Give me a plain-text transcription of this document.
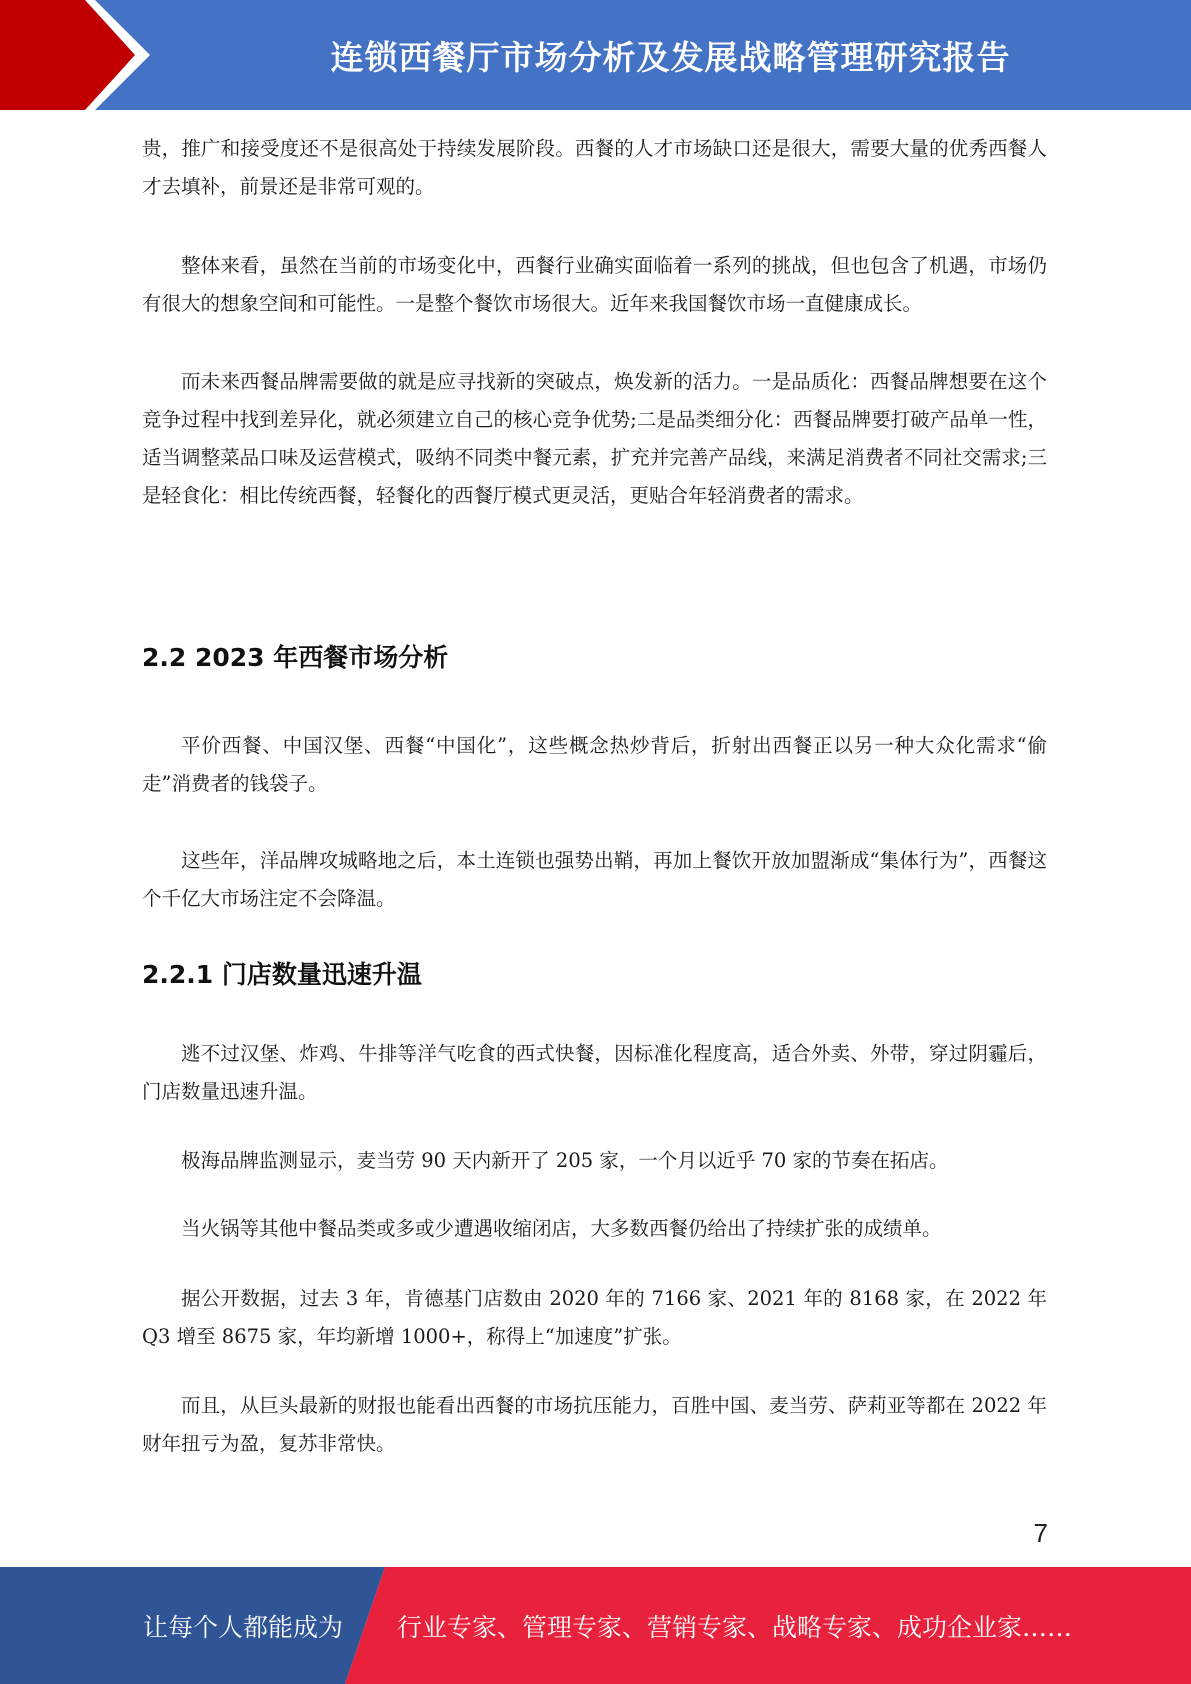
连锁西餐厅市场分析及发展战略管理研究报告

贵，推广和接受度还不是很高处于持续发展阶段。西餐的人才市场缺口还是很大，需要大量的优秀西餐人才去填补，前景还是非常可观的。

整体来看，虽然在当前的市场变化中，西餐行业确实面临着一系列的挑战，但也包含了机遇，市场仍有很大的想象空间和可能性。一是整个餐饮市场很大。近年来我国餐饮市场一直健康成长。

而未来西餐品牌需要做的就是应寻找新的突破点，焕发新的活力。一是品质化：西餐品牌想要在这个竞争过程中找到差异化，就必须建立自己的核心竞争优势;二是品类细分化：西餐品牌要打破产品单一性，适当调整菜品口味及运营模式，吸纳不同类中餐元素，扩充并完善产品线，来满足消费者不同社交需求;三是轻食化：相比传统西餐，轻餐化的西餐厅模式更灵活，更贴合年轻消费者的需求。

2.2 2023 年西餐市场分析

平价西餐、中国汉堡、西餐“中国化”，这些概念热炒背后，折射出西餐正以另一种大众化需求“偷走”消费者的钱袋子。

这些年，洋品牌攻城略地之后，本土连锁也强势出鞘，再加上餐饮开放加盟渐成“集体行为”，西餐这个千亿大市场注定不会降温。

2.2.1 门店数量迅速升温

逃不过汉堡、炸鸡、牛排等洋气吃食的西式快餐，因标准化程度高，适合外卖、外带，穿过阴霾后，门店数量迅速升温。

极海品牌监测显示，麦当劳 90 天内新开了 205 家，一个月以近乎 70 家的节奏在拓店。

当火锅等其他中餐品类或多或少遭遇收缩闭店，大多数西餐仍给出了持续扩张的成绩单。

据公开数据，过去 3 年，肯德基门店数由 2020 年的 7166 家、2021 年的 8168 家，在 2022 年 Q3 增至 8675 家，年均新增 1000+，称得上“加速度”扩张。

而且，从巨头最新的财报也能看出西餐的市场抗压能力，百胜中国、麦当劳、萨莉亚等都在 2022 年财年扭亏为盈，复苏非常快。

7
让每个人都能成为 行业专家、管理专家、营销专家、战略专家、成功企业家……
